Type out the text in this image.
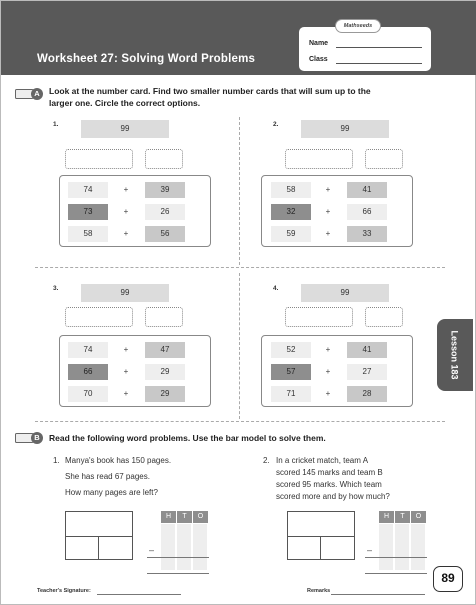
Worksheet 27: Solving Word Problems
Mathseeds
Name
Class
A	Look at the number card. Find two smaller number cards that will sum up to the
larger one. Circle the correct options.
1.	99
74	+	39
73	+	26
58	+	56
2.	99
58	+	41
32	+	66
59	+	33
3.	99
74	+	47
66	+	29
70	+	29
4.	99
52	+	41
57	+	27
71	+	28
Lesson 183
B	Read the following word problems. Use the bar model to solve them.
1. Manya's book has 150 pages.
She has read 67 pages.
How many pages are left?
H	T	O
–
2. In a cricket match, team A
scored 145 marks and team B
scored 95 marks. Which team
scored more and by how much?
H	T	O
–
Teacher's Signature:	Remarks
89
